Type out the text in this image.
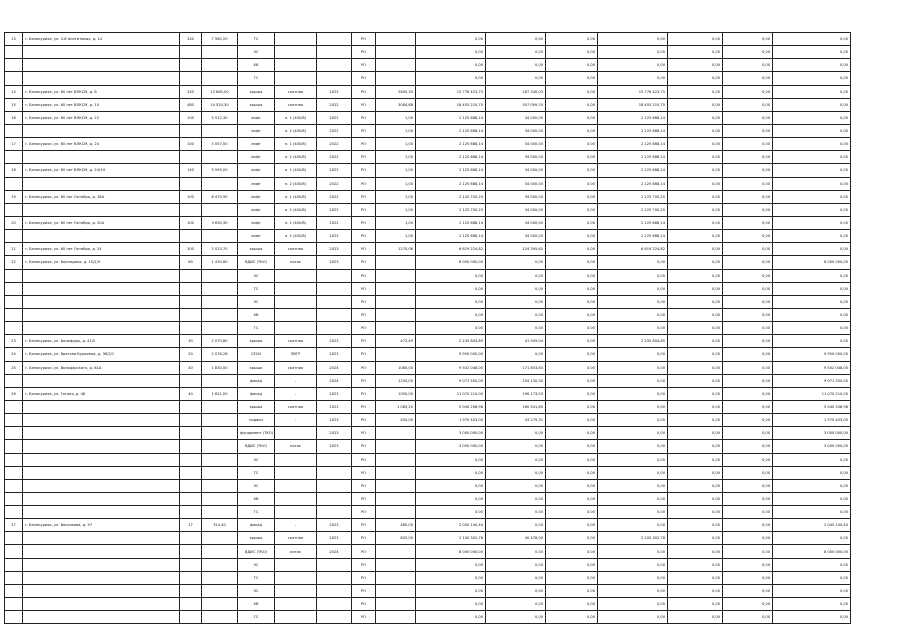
13	г. Белокуриха, ул. 3-й Апатитовых, д. 14	240	7 580,20	ТС			РО		0,00	0,00	0,00	0,00	0,00	0,00	0,00
				ЭС			РО		0,00	0,00	0,00	0,00	0,00	0,00	0,00
				ХВ			РО		0,00	0,00	0,00	0,00	0,00	0,00	0,00
				ГС			РО		0,00	0,00	0,00	0,00	0,00	0,00	0,00
14	г. Белокуриха, ул. 60 лет ВЛКСМ, д. 8	240	13 680,00	крыша	скатная	2022	РО	2600,35	15 776 423,75	287 340,03	0,00	15 776 423,75	0,00	0,00	0,00
15	г. Белокуриха, ул. 60 лет ВЛКСМ, д. 10	480	14 520,30	крыша	скатная	2022	РО	3084,88	18 455 210,75	307 009,25	0,00	18 455 210,75	0,00	0,00	0,00
16	г. Белокуриха, ул. 60 лет ВЛКСМ, д. 22	100	5 512,30	лифт	п. 1 (400/8)	2022	РО	1,00	2 125 688,14	34 000,00	0,00	2 125 688,14	0,00	0,00	0,00
				лифт	п. 2 (400/8)	2022	РО	1,00	2 125 688,14	34 000,00	0,00	2 125 688,14	0,00	0,00	0,00
17	г. Белокуриха, ул. 60 лет ВЛКСМ, д. 24	100	5 057,00	лифт	п. 1 (400/8)	2022	РО	1,00	2 125 688,14	34 000,00	0,00	2 125 688,14	0,00	0,00	0,00
				лифт	п. 2 (400/8)	2022	РО	1,00	2 125 688,14	34 000,00	0,00	2 125 688,14	0,00	0,00	0,00
18	г. Белокуриха, ул. 60 лет ВЛКСМ, д. 24/1Н	140	5 595,00	лифт	п. 1 (400/8)	2022	РО	1,00	2 125 688,14	34 000,00	0,00	2 125 688,14	0,00	0,00	0,00
				лифт	п. 2 (400/8)	2022	РО	1,00	2 125 688,14	34 000,00	0,00	2 125 688,14	0,00	0,00	0,00
19	г. Белокуриха, ул. 60 лет Октября, д. 18А	100	6 470,90	лифт	п. 1 (400/8)	2022	РО	1,00	2 125 700,25	34 000,00	0,00	2 125 700,25	0,00	0,00	0,00
				лифт	п. 2 (400/8)	2022	РО	1,00	2 125 700,25	34 000,00	0,00	2 125 700,25	0,00	0,00	0,00
20	г. Белокуриха, ул. 60 лет Октября, д. 20А	100	3 630,30	лифт	п. 1 (400/8)	2022	РО	1,00	2 125 688,14	34 000,00	0,00	2 125 688,14	0,00	0,00	0,00
				лифт	п. 2 (400/8)	2022	РО	1,00	2 125 688,14	34 000,00	0,00	2 125 688,14	0,00	0,00	0,00
21	г. Белокуриха, ул. 60 лет Октября, д. 24	200	2 023,70	крыша	скатная	2023	РО	1270,06	6 619 224,82	124 395,62	0,00	6 619 224,82	0,00	0,00	0,00
22	г. Белокуриха, ул. Бернадина, д. 15/1/9	60	1 430,60	ВДИС (ТКО)	лоток	2023	РО		8 000 000,00	0,00	0,00	0,00	0,00	0,00	8 000 000,00
				ЭС			РО		0,00	0,00	0,00	0,00	0,00	0,00	0,00
				ТС			РО		0,00	0,00	0,00	0,00	0,00	0,00	0,00
				ЭС			РО		0,00	0,00	0,00	0,00	0,00	0,00	0,00
				ХВ			РО		0,00	0,00	0,00	0,00	0,00	0,00	0,00
				ГС			РО		0,00	0,00	0,00	0,00	0,00	0,00	0,00
23	г. Белокуриха, ул. Белофуры, д. 41/2	30	2 070,60	крыша	скатная	2023	РО	472,49	2 235 804,85	41 509,04	0,00	2 235 804,85	0,00	0,00	0,00
24	г. Белокуриха, ул. Братьев Бурковых, д. 36/2/1	20	2 076,28	СЕСИ	ПВГР	2023	РО		9 950 000,00	0,00	0,00	0,00	0,00	0,00	9 950 000,00
25	г. Белокуриха, ул. Володарского, д. 81А	40	1 830,00	крыша	скатная	2024	РО	1080,00	9 502 048,00	171 853,83	0,00	0,00	0,00	0,00	9 502 048,00
				фасад	-	2024	РО	1250,00	9 071 550,00	254 130,30	0,00	0,00	0,00	0,00	9 071 550,00
26	г. Белокуриха, ул. Гоголя, д. 46	40	1 621,00	фасад	-	2023	РО	1050,00	11 070 210,00	196 173,53	0,00	0,00	0,00	0,00	11 070 210,00
				крыша	скатная	2023	РО	1 083,20	5 040 208,98	160 541,85	0,00	0,00	0,00	0,00	5 040 208,98
				подвал	-	2023	РО	450,00	1 970 403,00	43 279,31	0,00	0,00	0,00	0,00	1 970 403,00
				фундамент (ТКО)		2023	РО		3 000 000,00	0,00	0,00	0,00	0,00	0,00	3 000 000,00
				ВДИС (ТКО)	лоток	2023	РО		3 000 000,00	0,00	0,00	0,00	0,00	0,00	3 000 000,00
				ЭС			РО		0,00	0,00	0,00	0,00	0,00	0,00	0,00
				ТС			РО		0,00	0,00	0,00	0,00	0,00	0,00	0,00
				ЭС			РО		0,00	0,00	0,00	0,00	0,00	0,00	0,00
				ХВ			РО		0,00	0,00	0,00	0,00	0,00	0,00	0,00
				ГС			РО		0,00	0,00	0,00	0,00	0,00	0,00	0,00
27	г. Белокуриха, ул. Васильева, д. 97	17	314,40	фасад	-	2023	РО	480,00	2 045 140,40	0,00	0,00	0,00	0,00	0,00	2 045 140,40
				крыша	скатная	2023	РО	805,00	2 100 302,78	40 478,00	0,00	2 100 302,78	0,00	0,00	0,00
				ВДИС (ТКО)	лоток	2024	РО		8 000 000,00	0,00	0,00	0,00	0,00	0,00	8 000 000,00
				ЭС			РО		0,00	0,00	0,00	0,00	0,00	0,00	0,00
				ТС			РО		0,00	0,00	0,00	0,00	0,00	0,00	0,00
				ЭС			РО		0,00	0,00	0,00	0,00	0,00	0,00	0,00
				ХВ			РО		0,00	0,00	0,00	0,00	0,00	0,00	0,00
				ГС			РО		0,00	0,00	0,00	0,00	0,00	0,00	0,00
